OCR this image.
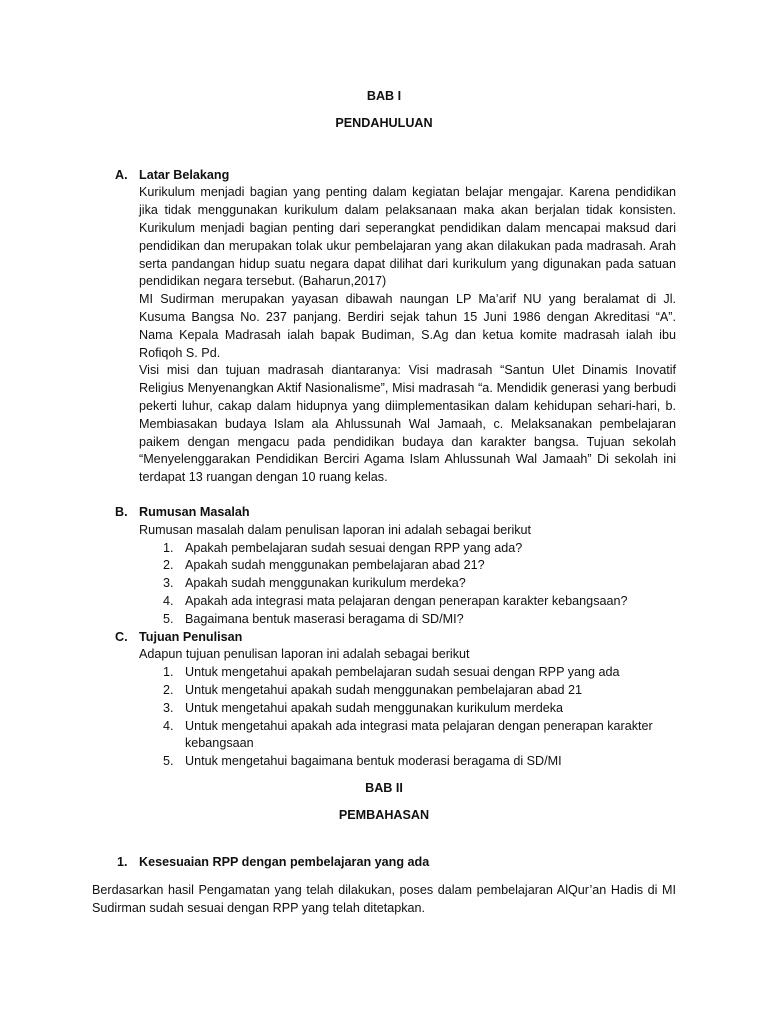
BAB I

PENDAHULUAN

A. Latar Belakang

Kurikulum menjadi bagian yang penting dalam kegiatan belajar mengajar. Karena pendidikan jika tidak menggunakan kurikulum dalam pelaksanaan maka akan berjalan tidak konsisten. Kurikulum menjadi bagian penting dari seperangkat pendidikan dalam mencapai maksud dari pendidikan dan merupakan tolak ukur pembelajaran yang akan dilakukan pada madrasah. Arah serta pandangan hidup suatu negara dapat dilihat dari kurikulum yang digunakan pada satuan pendidikan negara tersebut. (Baharun,2017)

MI Sudirman merupakan yayasan dibawah naungan LP Ma’arif NU yang beralamat di Jl. Kusuma Bangsa No. 237 panjang. Berdiri sejak tahun 15 Juni 1986 dengan Akreditasi “A”. Nama Kepala Madrasah ialah bapak Budiman, S.Ag dan ketua komite madrasah ialah ibu Rofiqoh S. Pd.

Visi misi dan tujuan madrasah diantaranya: Visi madrasah “Santun Ulet Dinamis Inovatif Religius Menyenangkan Aktif Nasionalisme”, Misi madrasah “a. Mendidik generasi yang berbudi pekerti luhur, cakap dalam hidupnya yang diimplementasikan dalam kehidupan sehari-hari, b. Membiasakan budaya Islam ala Ahlussunah Wal Jamaah, c. Melaksanakan pembelajaran paikem dengan mengacu pada pendidikan budaya dan karakter bangsa. Tujuan sekolah “Menyelenggarakan Pendidikan Berciri Agama Islam Ahlussunah Wal Jamaah” Di sekolah ini terdapat 13 ruangan dengan 10 ruang kelas.

B. Rumusan Masalah

Rumusan masalah dalam penulisan laporan ini adalah sebagai berikut

1. Apakah pembelajaran sudah sesuai dengan RPP yang ada?
2. Apakah sudah menggunakan pembelajaran abad 21?
3. Apakah sudah menggunakan kurikulum merdeka?
4. Apakah ada integrasi mata pelajaran dengan penerapan karakter kebangsaan?
5. Bagaimana bentuk maserasi beragama di SD/MI?
C. Tujuan Penulisan

Adapun tujuan penulisan laporan ini adalah sebagai berikut

1. Untuk mengetahui apakah pembelajaran sudah sesuai dengan RPP yang ada
2. Untuk mengetahui apakah sudah menggunakan pembelajaran abad 21
3. Untuk mengetahui apakah sudah menggunakan kurikulum merdeka
4. Untuk mengetahui apakah ada integrasi mata pelajaran dengan penerapan karakter kebangsaan
5. Untuk mengetahui bagaimana bentuk moderasi beragama di SD/MI

BAB II

PEMBAHASAN

1. Kesesuaian RPP dengan pembelajaran yang ada

Berdasarkan hasil Pengamatan yang telah dilakukan, poses dalam pembelajaran AlQur’an Hadis di MI Sudirman sudah sesuai dengan RPP yang telah ditetapkan.
